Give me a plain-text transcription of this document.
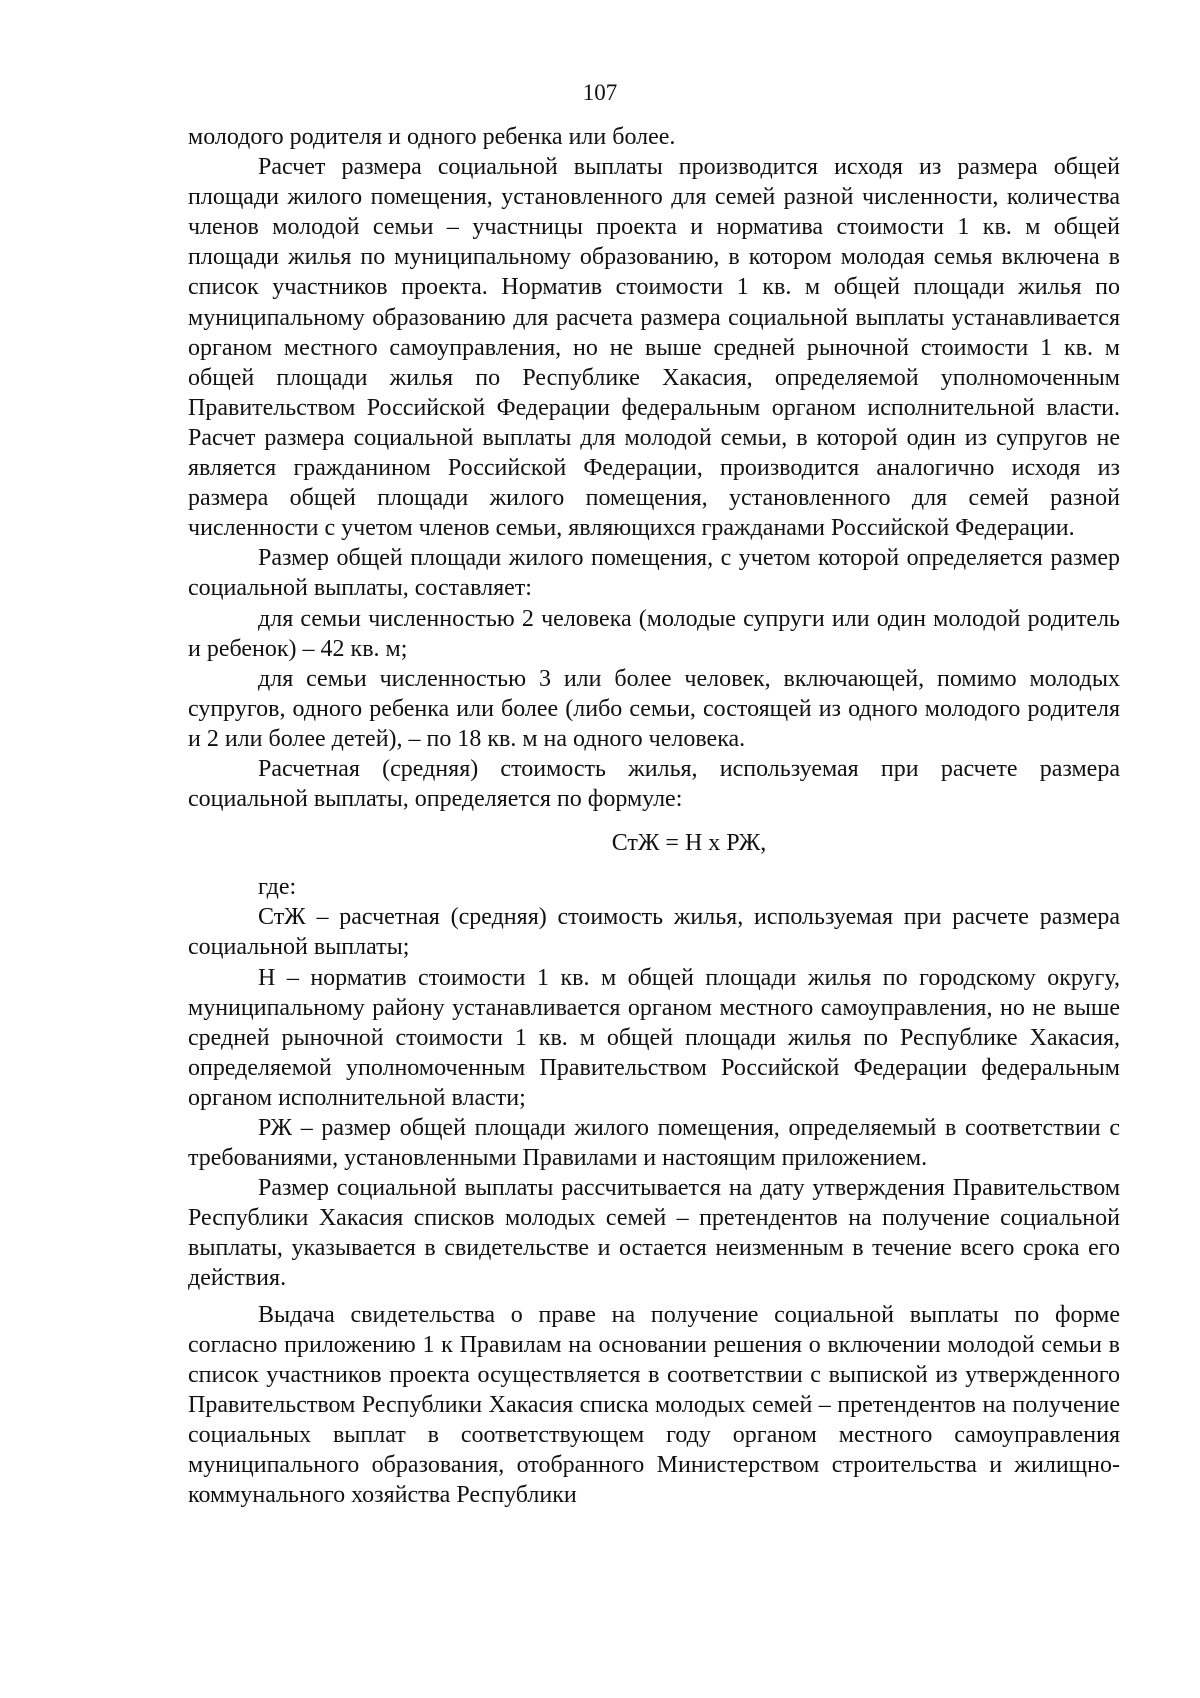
107

молодого родителя и одного ребенка или более.

Расчет размера социальной выплаты производится исходя из размера общей площади жилого помещения, установленного для семей разной численности, количества членов молодой семьи – участницы проекта и норматива стоимости 1 кв. м общей площади жилья по муниципальному образованию, в котором молодая семья включена в список участников проекта. Норматив стоимости 1 кв. м общей площади жилья по муниципальному образованию для расчета размера социальной выплаты устанавливается органом местного самоуправления, но не выше средней рыночной стоимости 1 кв. м общей площади жилья по Республике Хакасия, определяемой уполномоченным Правительством Российской Федерации федеральным органом исполнительной власти. Расчет размера социальной выплаты для молодой семьи, в которой один из супругов не является гражданином Российской Федерации, производится аналогично исходя из размера общей площади жилого помещения, установленного для семей разной численности с учетом членов семьи, являющихся гражданами Российской Федерации.

Размер общей площади жилого помещения, с учетом которой определяется размер социальной выплаты, составляет:

для семьи численностью 2 человека (молодые супруги или один молодой родитель и ребенок) – 42 кв. м;

для семьи численностью 3 или более человек, включающей, помимо молодых супругов, одного ребенка или более (либо семьи, состоящей из одного молодого родителя и 2 или более детей), – по 18 кв. м на одного человека.

Расчетная (средняя) стоимость жилья, используемая при расчете размера социальной выплаты, определяется по формуле:

СтЖ = Н х РЖ,

где:

СтЖ – расчетная (средняя) стоимость жилья, используемая при расчете размера социальной выплаты;

Н – норматив стоимости 1 кв. м общей площади жилья по городскому округу, муниципальному району устанавливается органом местного самоуправления, но не выше средней рыночной стоимости 1 кв. м общей площади жилья по Республике Хакасия, определяемой уполномоченным Правительством Российской Федерации федеральным органом исполнительной власти;

РЖ – размер общей площади жилого помещения, определяемый в соответствии с требованиями, установленными Правилами и настоящим приложением.

Размер социальной выплаты рассчитывается на дату утверждения Правительством Республики Хакасия списков молодых семей – претендентов на получение социальной выплаты, указывается в свидетельстве и остается неизменным в течение всего срока его действия.

Выдача свидетельства о праве на получение социальной выплаты по форме согласно приложению 1 к Правилам на основании решения о включении молодой семьи в список участников проекта осуществляется в соответствии с выпиской из утвержденного Правительством Республики Хакасия списка молодых семей – претендентов на получение социальных выплат в соответствующем году органом местного самоуправления муниципального образования, отобранного Министерством строительства и жилищно-коммунального хозяйства Республики
